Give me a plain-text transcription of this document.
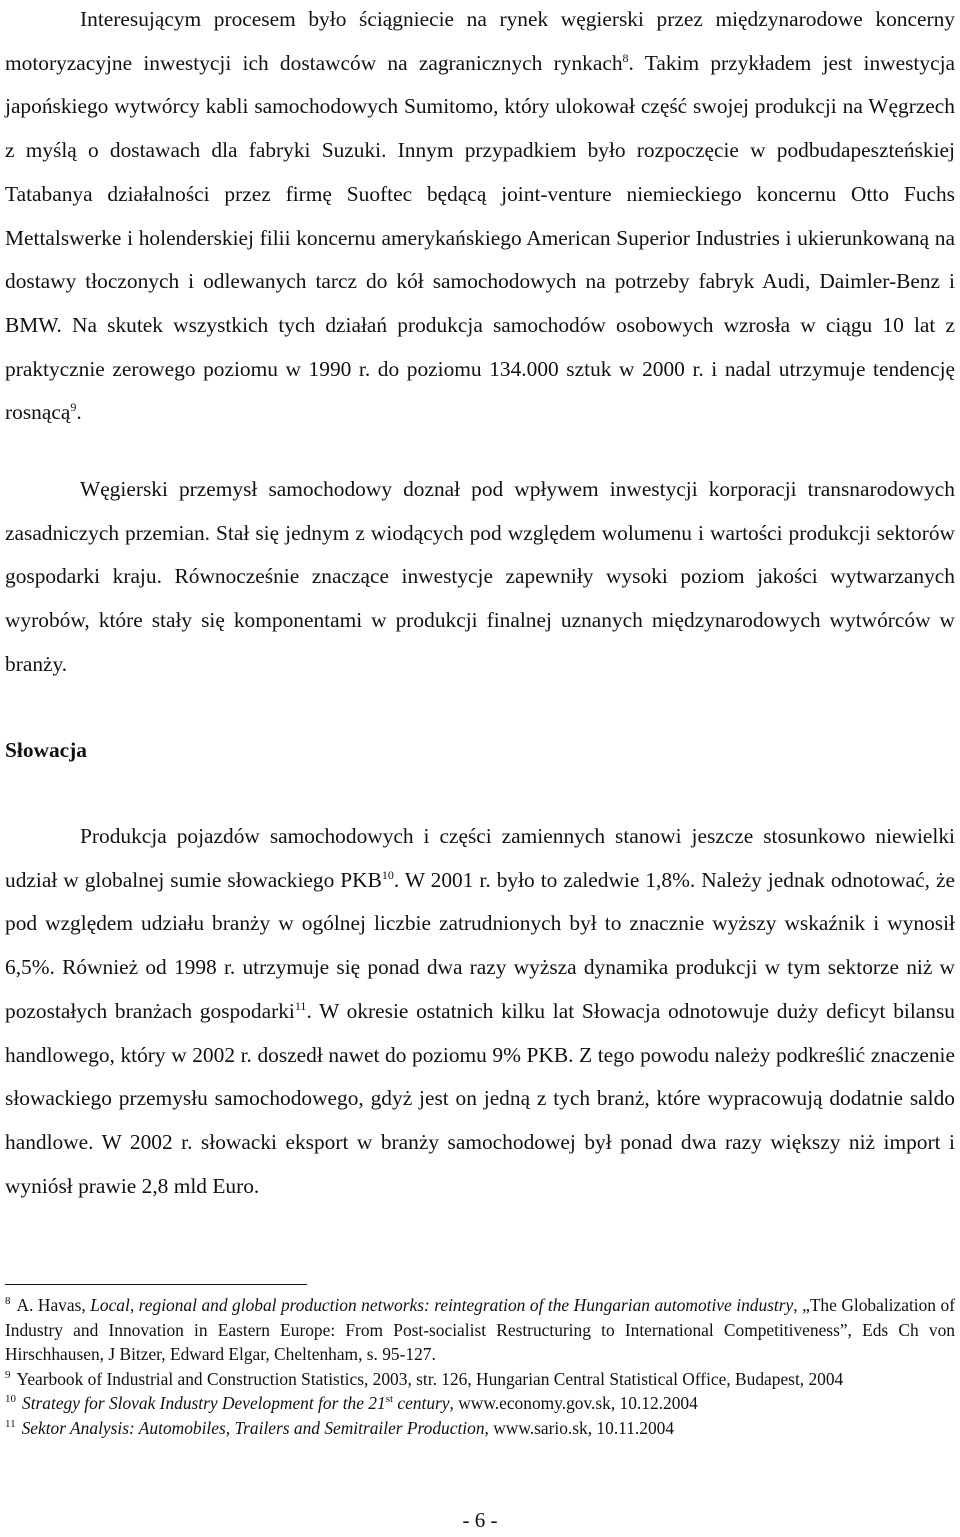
Interesującym procesem było ściągniecie na rynek węgierski przez międzynarodowe koncerny motoryzacyjne inwestycji ich dostawców na zagranicznych rynkach$^8$. Takim przykładem jest inwestycja japońskiego wytwórcy kabli samochodowych Sumitomo, który ulokował część swojej produkcji na Węgrzech z myślą o dostawach dla fabryki Suzuki. Innym przypadkiem było rozpoczęcie w podbudapeszteńskiej Tatabanya działalności przez firmę Suoftec będącą joint-venture niemieckiego koncernu Otto Fuchs Mettalswerke i holenderskiej filii koncernu amerykańskiego American Superior Industries i ukierunkowaną na dostawy tłoczonych i odlewanych tarcz do kół samochodowych na potrzeby fabryk Audi, Daimler-Benz i BMW. Na skutek wszystkich tych działań produkcja samochodów osobowych wzrosła w ciągu 10 lat z praktycznie zerowego poziomu w 1990 r. do poziomu 134.000 sztuk w 2000 r. i nadal utrzymuje tendencję rosnącą$^9$.

Węgierski przemysł samochodowy doznał pod wpływem inwestycji korporacji transnarodowych zasadniczych przemian. Stał się jednym z wiodących pod względem wolumenu i wartości produkcji sektorów gospodarki kraju. Równocześnie znaczące inwestycje zapewniły wysoki poziom jakości wytwarzanych wyrobów, które stały się komponentami w produkcji finalnej uznanych międzynarodowych wytwórców w branży.

Słowacja

Produkcja pojazdów samochodowych i części zamiennych stanowi jeszcze stosunkowo niewielki udział w globalnej sumie słowackiego PKB$^{10}$. W 2001 r. było to zaledwie 1,8%. Należy jednak odnotować, że pod względem udziału branży w ogólnej liczbie zatrudnionych był to znacznie wyższy wskaźnik i wynosił 6,5%. Również od 1998 r. utrzymuje się ponad dwa razy wyższa dynamika produkcji w tym sektorze niż w pozostałych branżach gospodarki$^{11}$. W okresie ostatnich kilku lat Słowacja odnotowuje duży deficyt bilansu handlowego, który w 2002 r. doszedł nawet do poziomu 9% PKB. Z tego powodu należy podkreślić znaczenie słowackiego przemysłu samochodowego, gdyż jest on jedną z tych branż, które wypracowują dodatnie saldo handlowe. W 2002 r. słowacki eksport w branży samochodowej był ponad dwa razy większy niż import i wyniósł prawie 2,8 mld Euro.

$^8$ A. Havas, Local, regional and global production networks: reintegration of the Hungarian automotive industry, „The Globalization of Industry and Innovation in Eastern Europe: From Post-socialist Restructuring to International Competitiveness”, Eds Ch von Hirschhausen, J Bitzer, Edward Elgar, Cheltenham, s. 95-127.

$^9$ Yearbook of Industrial and Construction Statistics, 2003, str. 126, Hungarian Central Statistical Office, Budapest, 2004

$^{10}$ Strategy for Slovak Industry Development for the 21st century, www.economy.gov.sk, 10.12.2004

$^{11}$ Sektor Analysis: Automobiles, Trailers and Semitrailer Production, www.sario.sk, 10.11.2004

- 6 -
